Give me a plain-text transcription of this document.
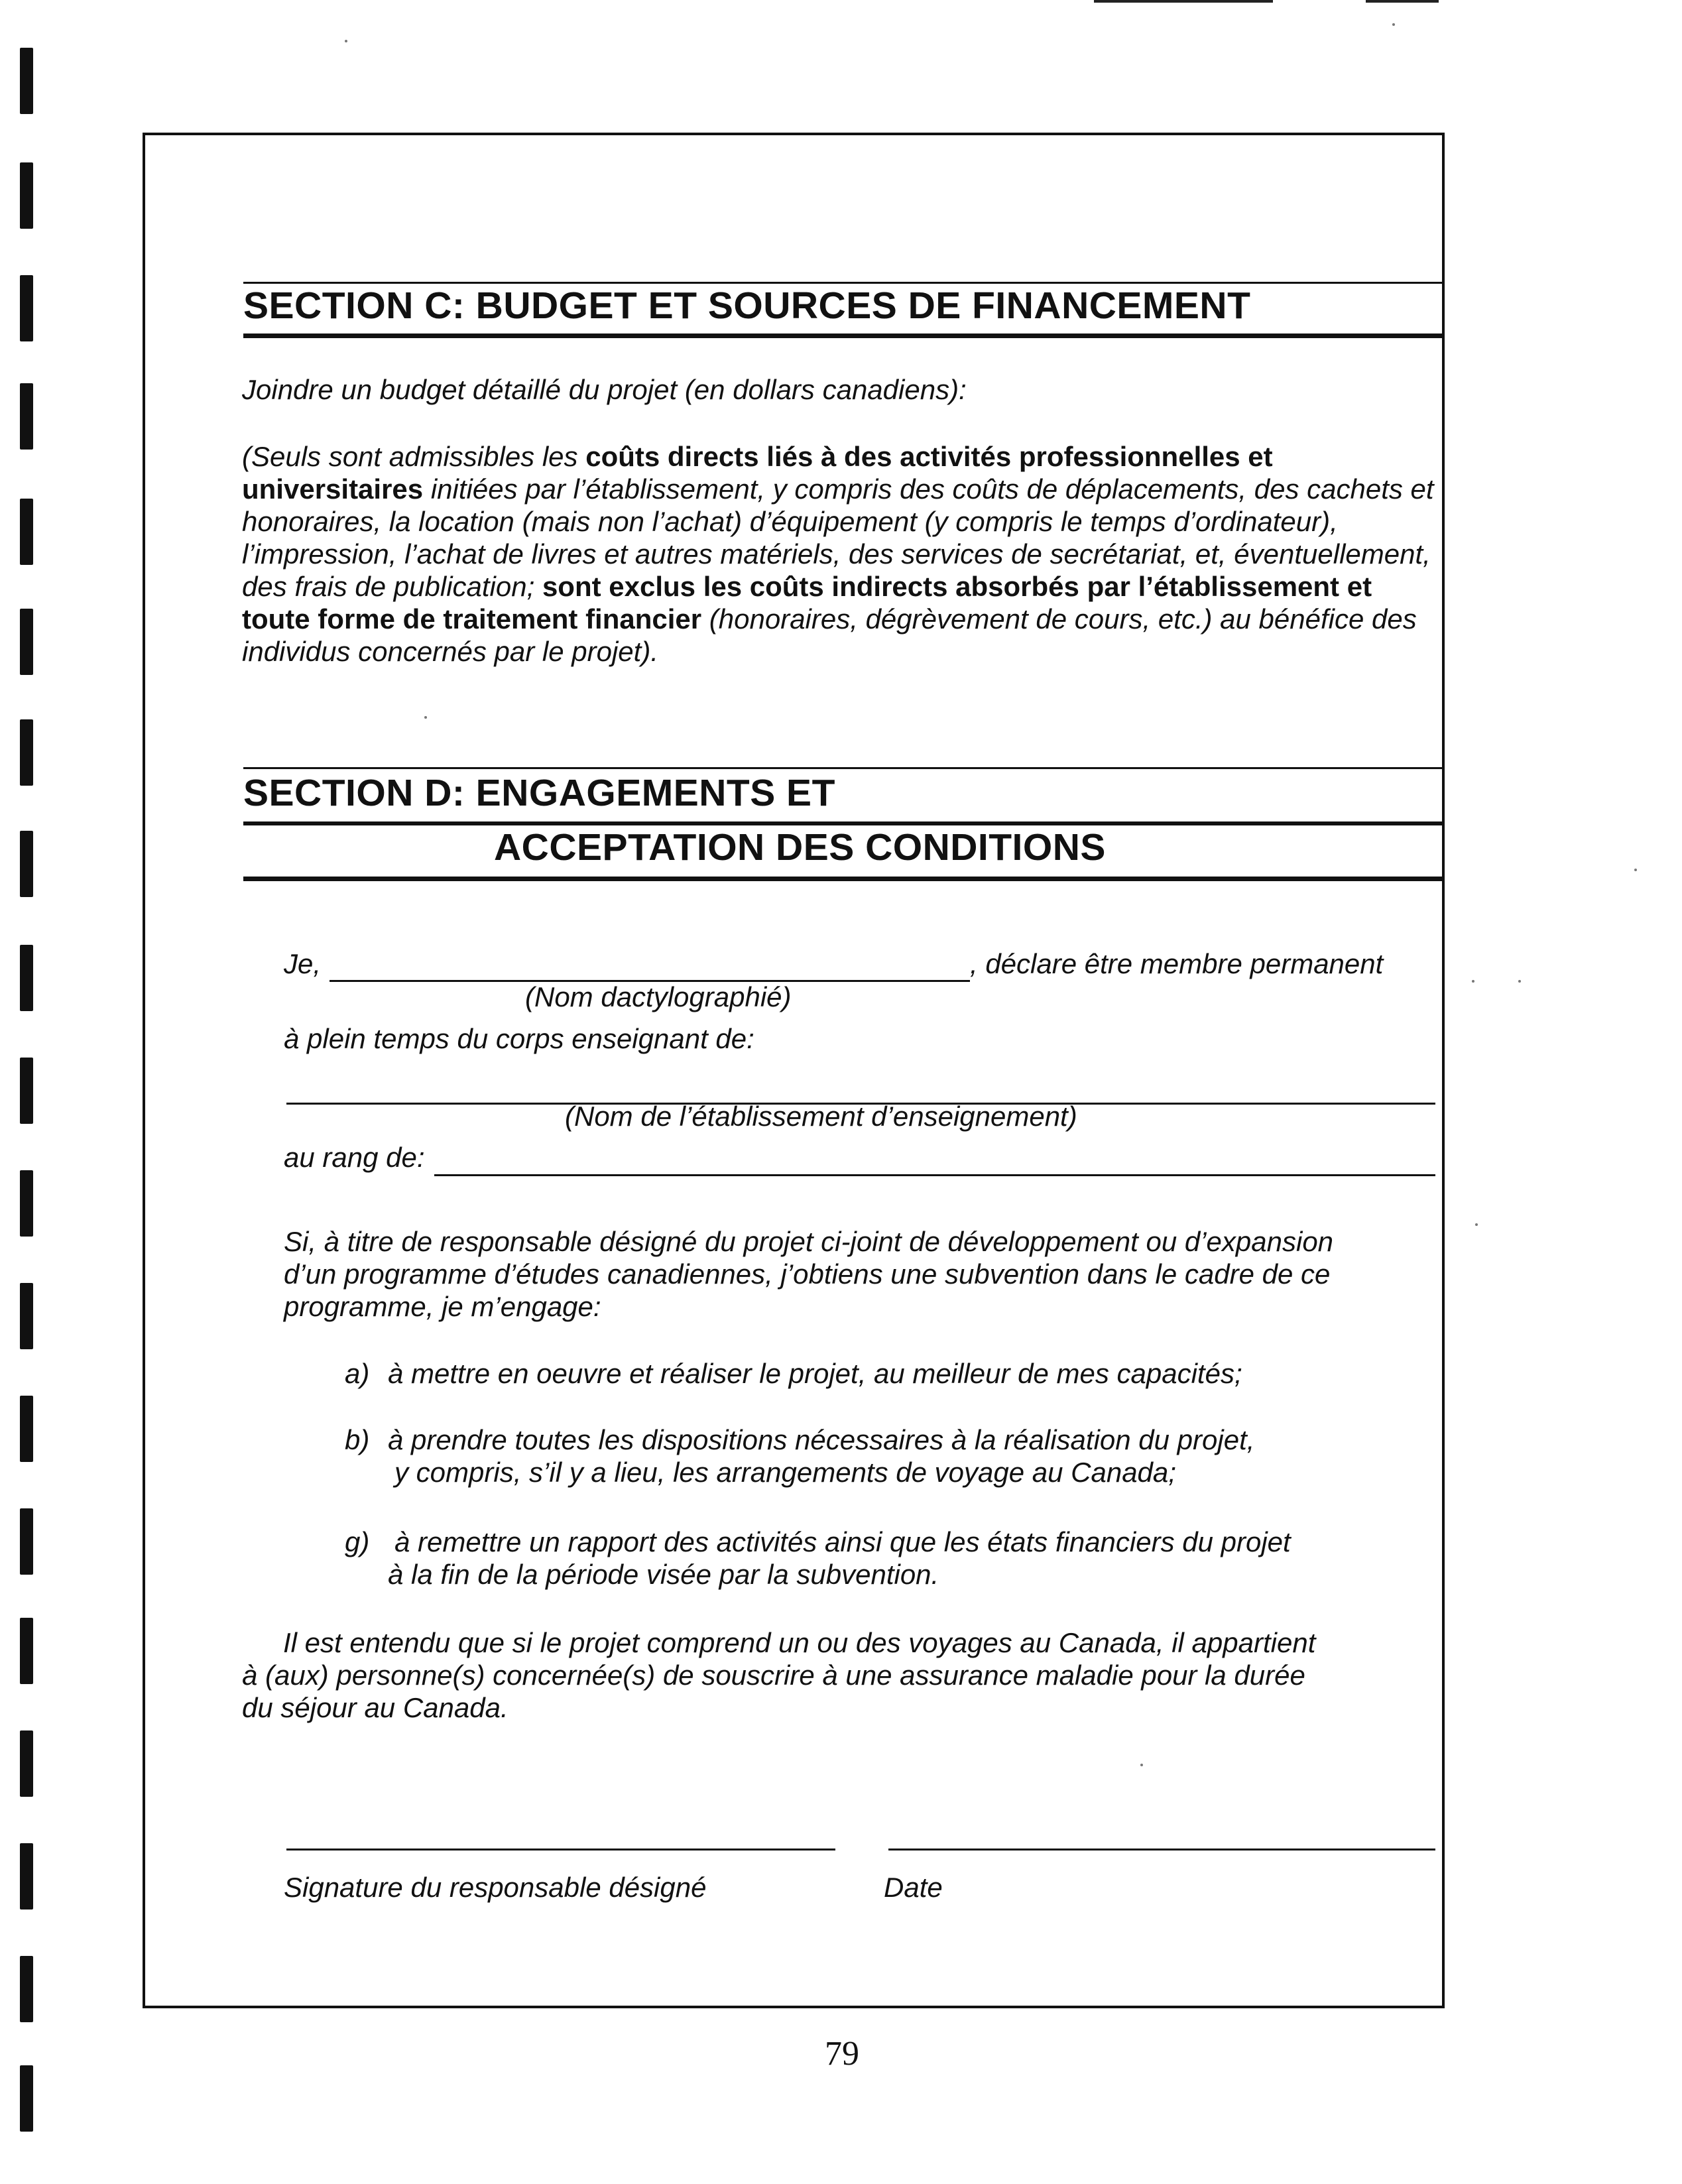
SECTION C: BUDGET ET SOURCES DE FINANCEMENT
Joindre un budget détaillé du projet (en dollars canadiens):
(Seuls sont admissibles les coûts directs liés à des activités professionnelles et universitaires initiées par l’établissement, y compris des coûts de déplacements, des cachets et honoraires, la location (mais non l’achat) d’équipement (y compris le temps d’ordinateur), l’impression, l’achat de livres et autres matériels, des services de secrétariat, et, éventuellement, des frais de publication; sont exclus les coûts indirects absorbés par l’établissement et toute forme de traitement financier (honoraires, dégrèvement de cours, etc.) au bénéfice des individus concernés par le projet).
SECTION D: ENGAGEMENTS ET
ACCEPTATION DES CONDITIONS
Je,	, déclare être membre permanent
(Nom dactylographié)
à plein temps du corps enseignant de:
(Nom de l’établissement d’enseignement)
au rang de:
Si, à titre de responsable désigné du projet ci-joint de développement ou d’expansion d’un programme d’études canadiennes, j’obtiens une subvention dans le cadre de ce programme, je m’engage:
a) à mettre en oeuvre et réaliser le projet, au meilleur de mes capacités;
b) à prendre toutes les dispositions nécessaires à la réalisation du projet,
y compris, s’il y a lieu, les arrangements de voyage au Canada;
g) à remettre un rapport des activités ainsi que les états financiers du projet
à la fin de la période visée par la subvention.
Il est entendu que si le projet comprend un ou des voyages au Canada, il appartient à (aux) personne(s) concernée(s) de souscrire à une assurance maladie pour la durée du séjour au Canada.
Signature du responsable désigné	Date
79
